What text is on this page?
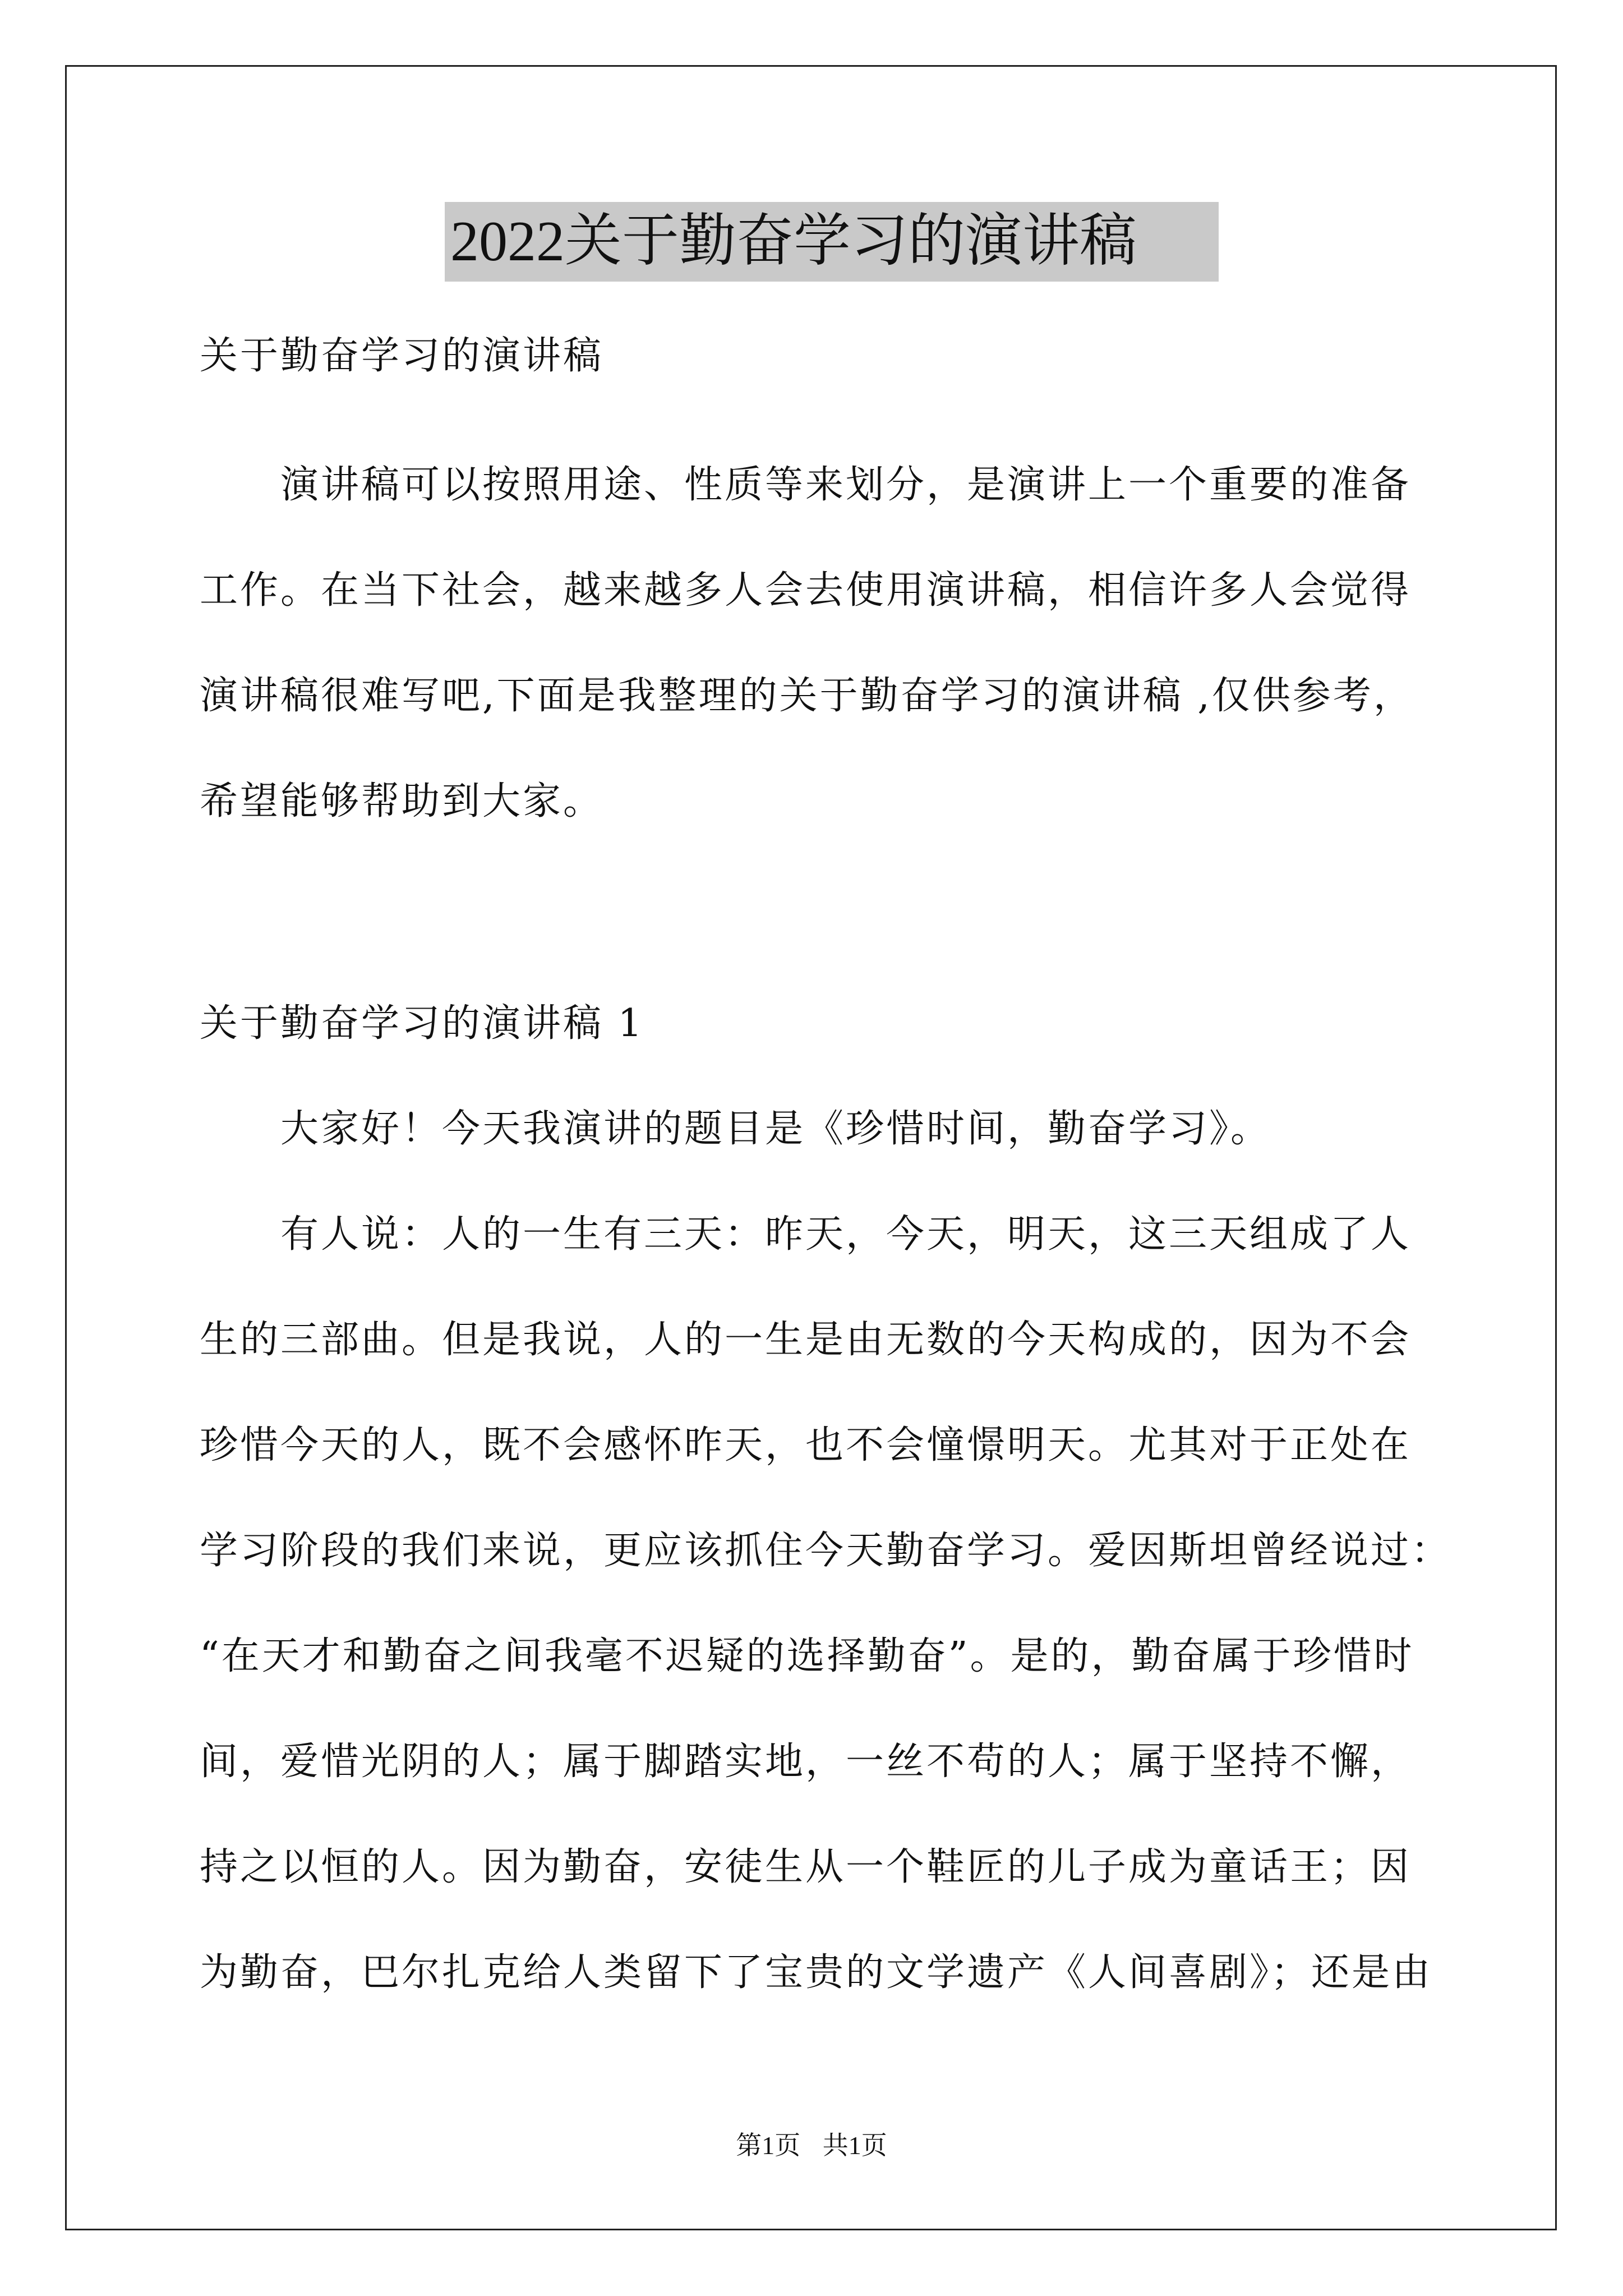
2022关于勤奋学习的演讲稿
关于勤奋学习的演讲稿
演讲稿可以按照用途、性质等来划分，是演讲上一个重要的准备
工作。在当下社会，越来越多人会去使用演讲稿，相信许多人会觉得
演讲稿很难写吧,下面是我整理的关于勤奋学习的演讲稿 ,仅供参考，
希望能够帮助到大家。
关于勤奋学习的演讲稿 1
大家好！今天我演讲的题目是《珍惜时间，勤奋学习》。
有人说：人的一生有三天：昨天，今天，明天，这三天组成了人
生的三部曲。但是我说，人的一生是由无数的今天构成的，因为不会
珍惜今天的人，既不会感怀昨天，也不会憧憬明天。尤其对于正处在
学习阶段的我们来说，更应该抓住今天勤奋学习。爱因斯坦曾经说过：
“在天才和勤奋之间我毫不迟疑的选择勤奋”。是的，勤奋属于珍惜时
间，爱惜光阴的人；属于脚踏实地，一丝不苟的人；属于坚持不懈，
持之以恒的人。因为勤奋，安徒生从一个鞋匠的儿子成为童话王；因
为勤奋，巴尔扎克给人类留下了宝贵的文学遗产《人间喜剧》；还是由
第1页 共1页
